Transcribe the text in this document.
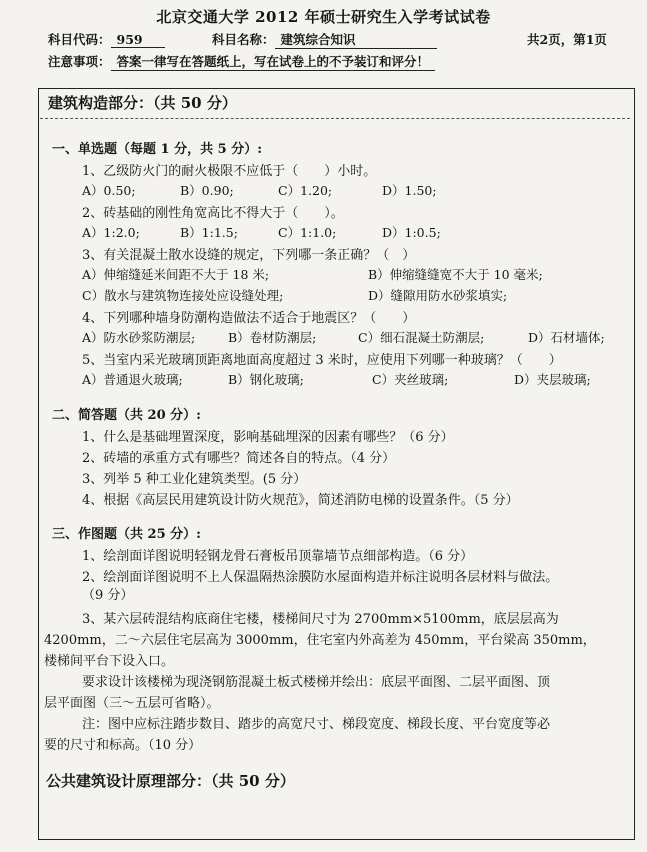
北京交通大学 2012 年硕士研究生入学考试试卷
科目代码： 959	科目名称： 建筑综合知识	共2页，第1页
注意事项： 答案一律写在答题纸上，写在试卷上的不予装订和评分！
建筑构造部分：（共 50 分）
一、单选题（每题 1 分，共 5 分）:
1、乙级防火门的耐火极限不应低于（　　）小时。
A）0.50;	B）0.90;	C）1.20;	D）1.50;
2、砖基础的刚性角宽高比不得大于（　　）。
A）1:2.0;	B）1:1.5;	C）1:1.0;	D）1:0.5;
3、有关混凝土散水设缝的规定，下列哪一条正确？（　）
A）伸缩缝延米间距不大于 18 米;	B）伸缩缝缝宽不大于 10 毫米;
C）散水与建筑物连接处应设缝处理;	D）缝隙用防水砂浆填实;
4、下列哪种墙身防潮构造做法不适合于地震区？（　　）
A）防水砂浆防潮层;	B）卷材防潮层;	C）细石混凝土防潮层;	D）石材墙体;
5、当室内采光玻璃顶距离地面高度超过 3 米时，应使用下列哪一种玻璃？（　　）
A）普通退火玻璃;	B）钢化玻璃;	C）夹丝玻璃;	D）夹层玻璃;
二、简答题（共 20 分）:
1、什么是基础埋置深度，影响基础埋深的因素有哪些？（6 分）
2、砖墙的承重方式有哪些？简述各自的特点。（4 分）
3、列举 5 种工业化建筑类型。(5 分）
4、根据《高层民用建筑设计防火规范》，简述消防电梯的设置条件。（5 分）
三、作图题（共 25 分）:
1、绘剖面详图说明轻钢龙骨石膏板吊顶靠墙节点细部构造。（6 分）
2、绘剖面详图说明不上人保温隔热涂膜防水屋面构造并标注说明各层材料与做法。
（9 分）
3、某六层砖混结构底商住宅楼，楼梯间尺寸为 2700mm×5100mm，底层层高为
4200mm，二～六层住宅层高为 3000mm，住宅室内外高差为 450mm，平台梁高 350mm，
楼梯间平台下设入口。
要求设计该楼梯为现浇钢筋混凝土板式楼梯并绘出：底层平面图、二层平面图、顶
层平面图（三～五层可省略）。
注：图中应标注踏步数目、踏步的高宽尺寸、梯段宽度、梯段长度、平台宽度等必
要的尺寸和标高。（10 分）
公共建筑设计原理部分：（共 50 分）
